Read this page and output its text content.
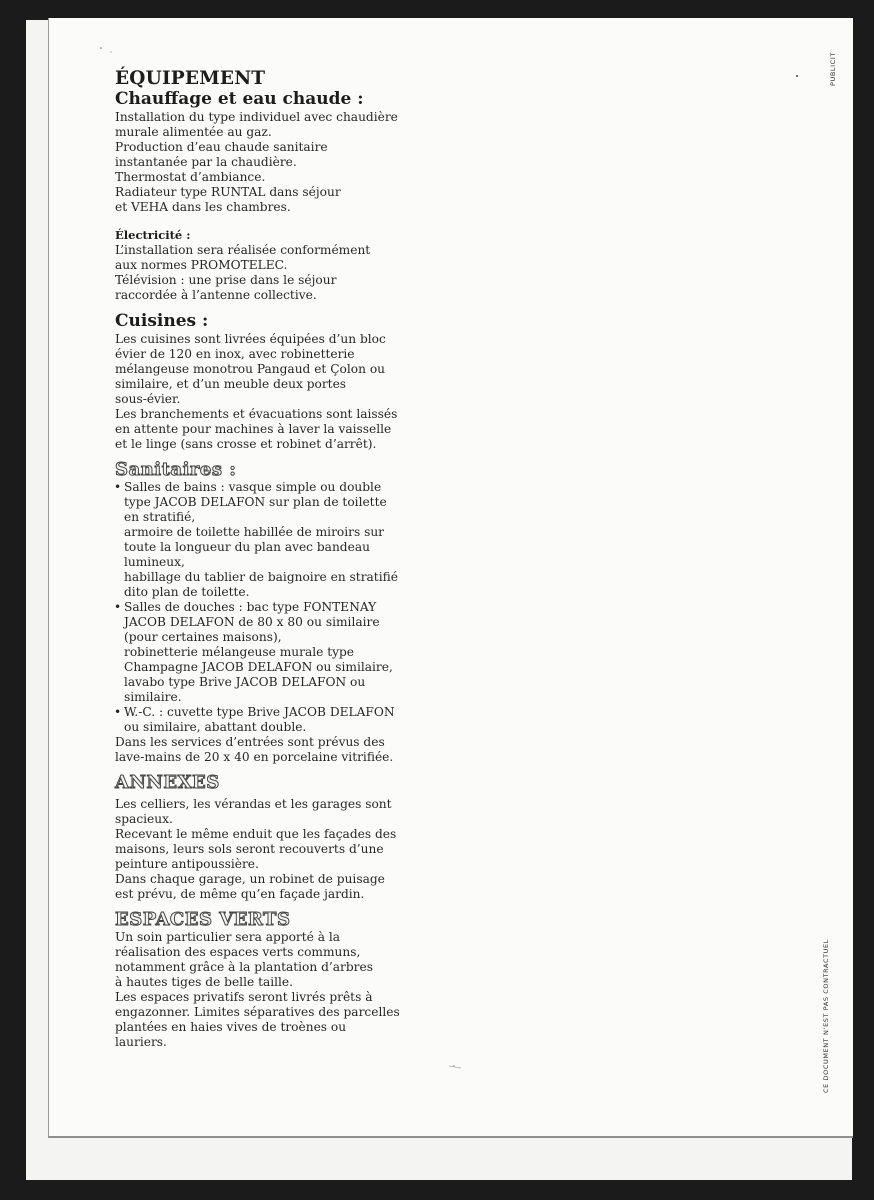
ÉQUIPEMENT
Chauffage et eau chaude :

Installation du type individuel avec chaudière
murale alimentée au gaz.
Production d’eau chaude sanitaire
instantanée par la chaudière.
Thermostat d’ambiance.
Radiateur type RUNTAL dans séjour
et VEHA dans les chambres.

Électricité :

L’installation sera réalisée conformément
aux normes PROMOTELEC.
Télévision : une prise dans le séjour
raccordée à l’antenne collective.

Cuisines :

Les cuisines sont livrées équipées d’un bloc
évier de 120 en inox, avec robinetterie
mélangeuse monotrou Pangaud et Çolon ou
similaire, et d’un meuble deux portes
sous-évier.
Les branchements et évacuations sont laissés
en attente pour machines à laver la vaisselle
et le linge (sans crosse et robinet d’arrêt).

Sanitaires :
• Salles de bains : vasque simple ou double
type JACOB DELAFON sur plan de toilette
en stratifié,
armoire de toilette habillée de miroirs sur
toute la longueur du plan avec bandeau
lumineux,
habillage du tablier de baignoire en stratifié
dito plan de toilette.

• Salles de douches : bac type FONTENAY
JACOB DELAFON de 80 x 80 ou similaire
(pour certaines maisons),
robinetterie mélangeuse murale type
Champagne JACOB DELAFON ou similaire,
lavabo type Brive JACOB DELAFON ou
similaire.

• W.-C. : cuvette type Brive JACOB DELAFON
ou similaire, abattant double.

Dans les services d’entrées sont prévus des
lave-mains de 20 x 40 en porcelaine vitrifiée.

ANNEXES

Les celliers, les vérandas et les garages sont
spacieux.
Recevant le même enduit que les façades des
maisons, leurs sols seront recouverts d’une
peinture antipoussière.
Dans chaque garage, un robinet de puisage
est prévu, de même qu’en façade jardin.

ESPACES VERTS

Un soin particulier sera apporté à la
réalisation des espaces verts communs,
notamment grâce à la plantation d’arbres
à hautes tiges de belle taille.
Les espaces privatifs seront livrés prêts à
engazonner. Limites séparatives des parcelles
plantées en haies vives de troènes ou
lauriers.

PUBLICIT
CE DOCUMENT N’EST PAS CONTRACTUEL
